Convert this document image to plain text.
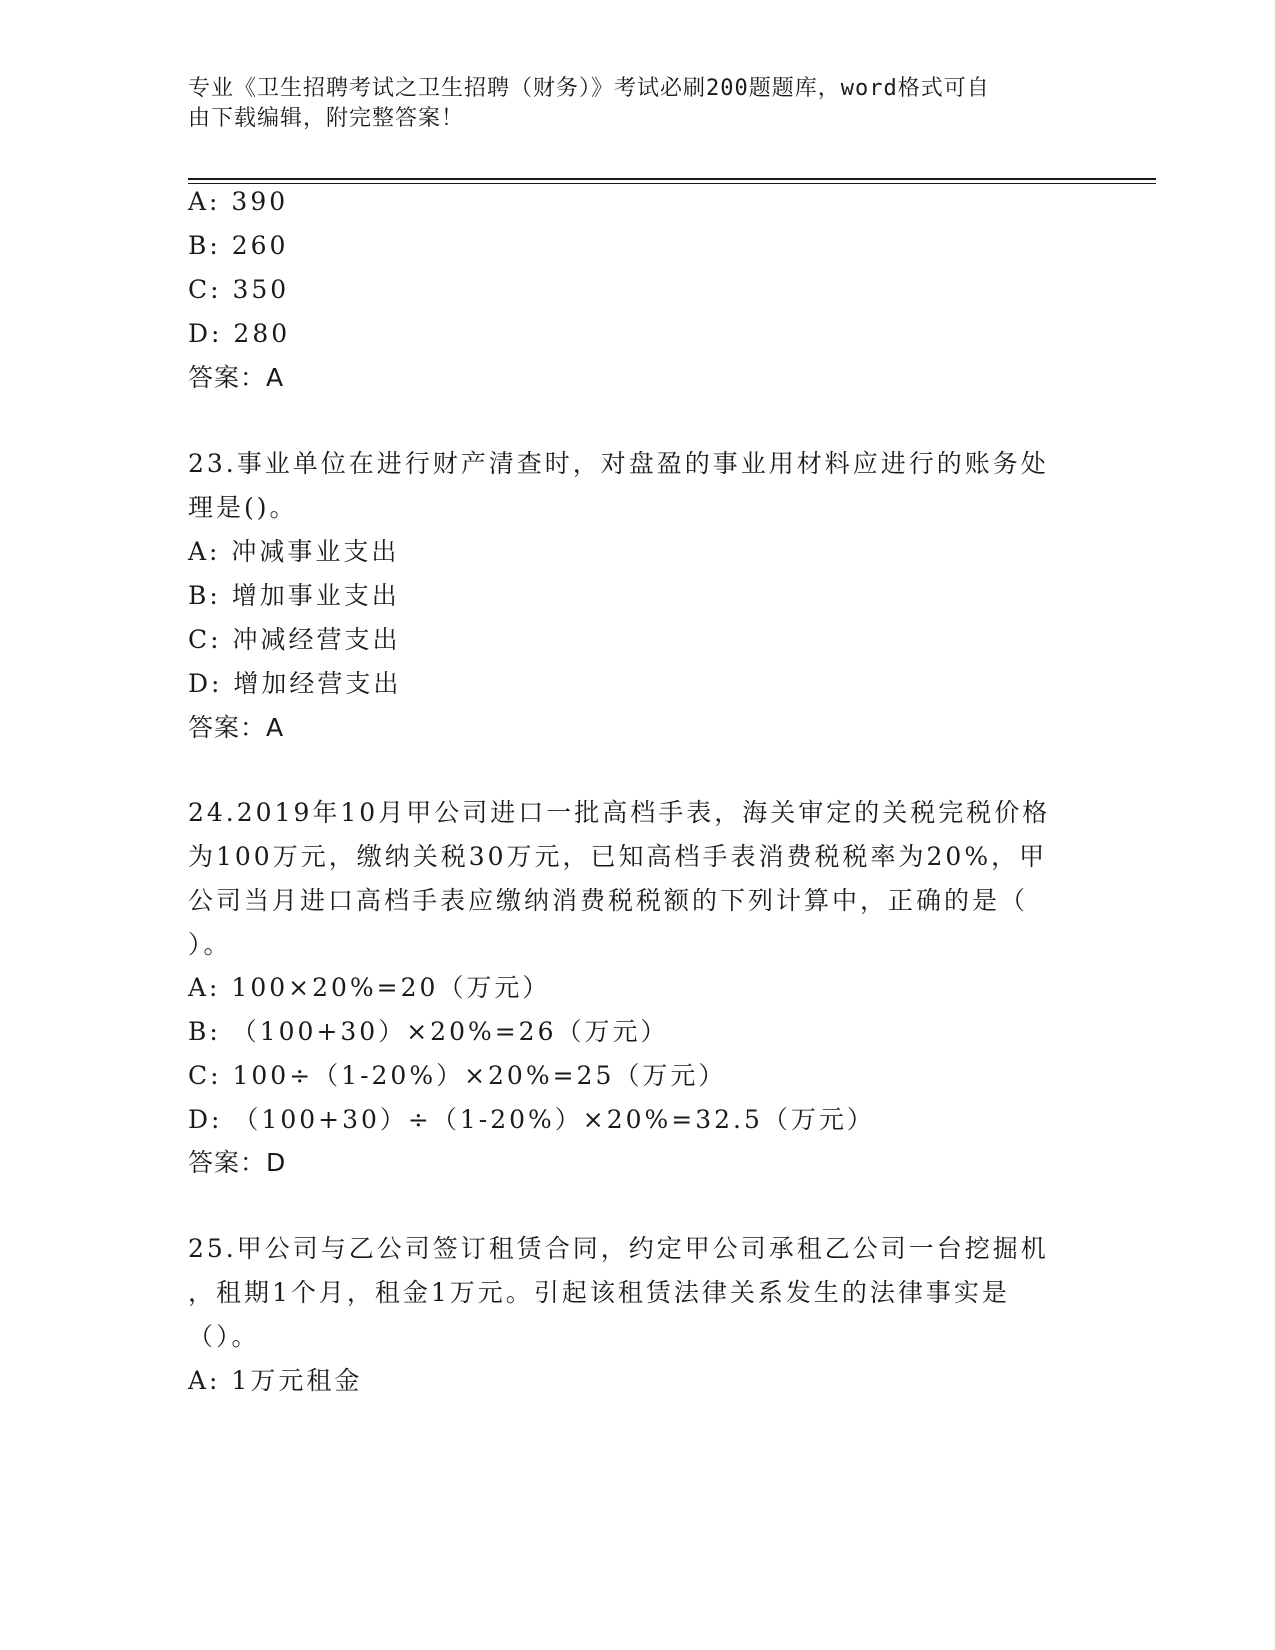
专业《卫生招聘考试之卫生招聘（财务）》考试必刷200题题库，word格式可自
由下载编辑，附完整答案！
A: 390
B: 260
C: 350
D: 280
答案：A
23.事业单位在进行财产清查时，对盘盈的事业用材料应进行的账务处
理是()。
A: 冲减事业支出
B: 增加事业支出
C: 冲减经营支出
D: 增加经营支出
答案：A
24.2019年10月甲公司进口一批高档手表，海关审定的关税完税价格
为100万元，缴纳关税30万元，已知高档手表消费税税率为20%，甲
公司当月进口高档手表应缴纳消费税税额的下列计算中，正确的是（
）。
A: 100×20%=20（万元）
B: （100+30）×20%=26（万元）
C: 100÷（1-20%）×20%=25（万元）
D: （100+30）÷（1-20%）×20%=32.5（万元）
答案：D
25.甲公司与乙公司签订租赁合同，约定甲公司承租乙公司一台挖掘机
，租期1个月，租金1万元。引起该租赁法律关系发生的法律事实是
（）。
A: 1万元租金
